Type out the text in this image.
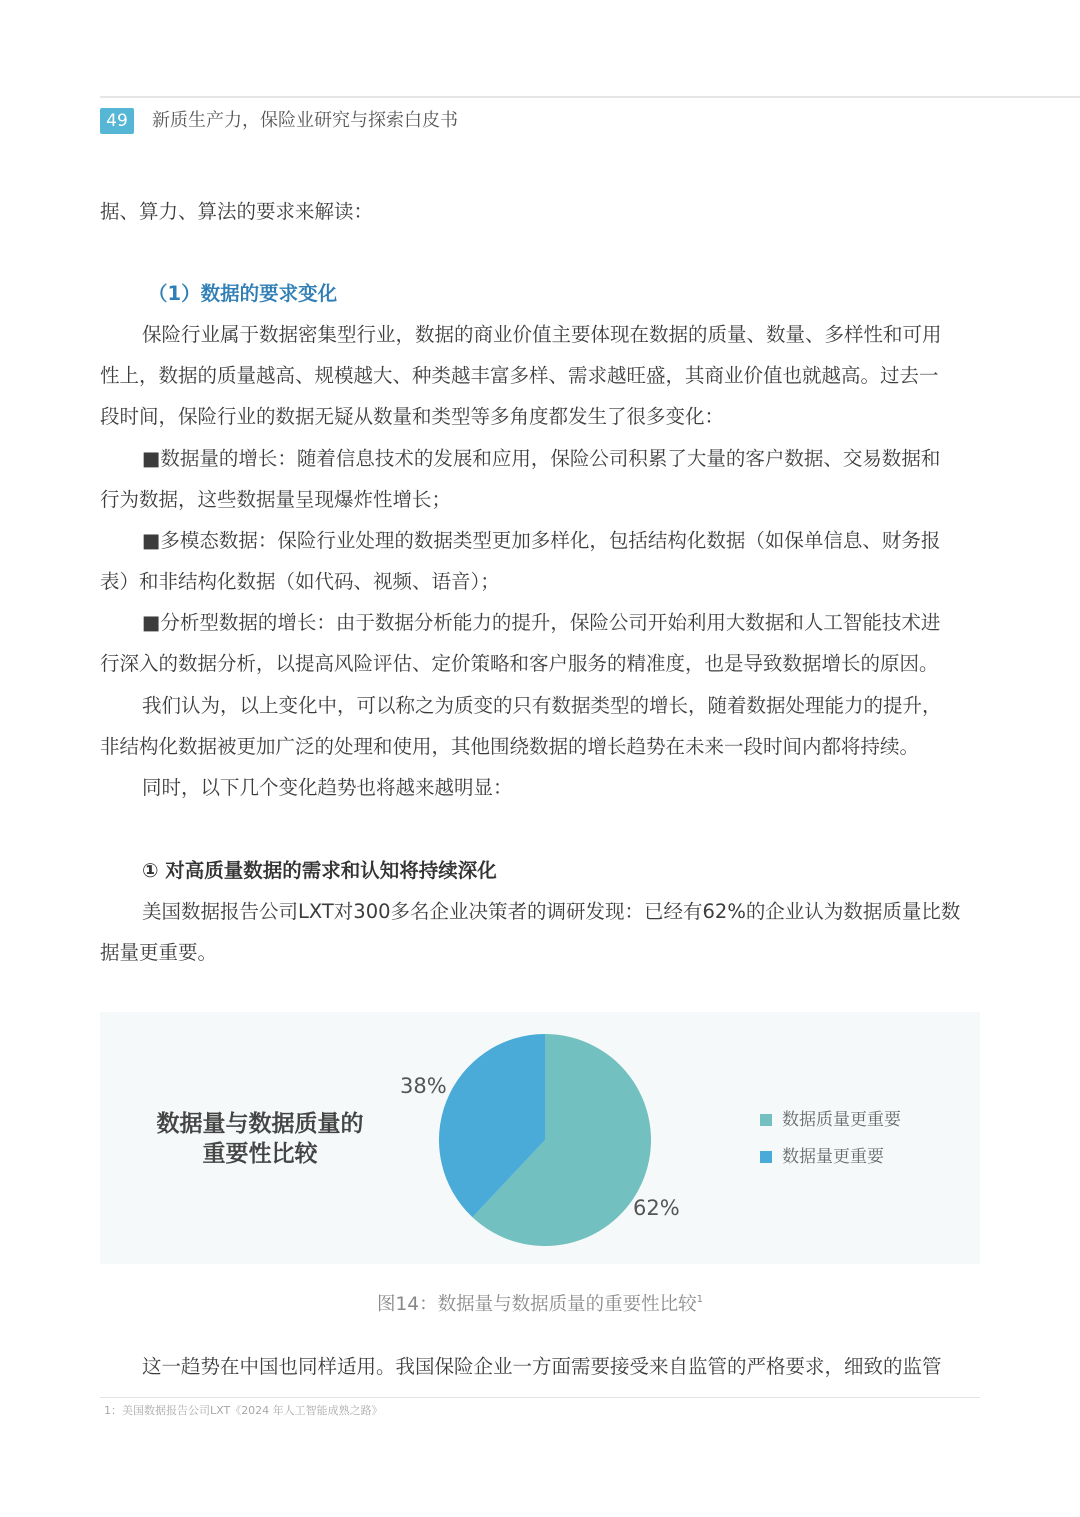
49	新质生产力，保险业研究与探索白皮书
据、算力、算法的要求来解读：
（1）数据的要求变化
保险行业属于数据密集型行业，数据的商业价值主要体现在数据的质量、数量、多样性和可用
性上，数据的质量越高、规模越大、种类越丰富多样、需求越旺盛，其商业价值也就越高。过去一
段时间，保险行业的数据无疑从数量和类型等多角度都发生了很多变化：
■数据量的增长：随着信息技术的发展和应用，保险公司积累了大量的客户数据、交易数据和
行为数据，这些数据量呈现爆炸性增长；
■多模态数据：保险行业处理的数据类型更加多样化，包括结构化数据（如保单信息、财务报
表）和非结构化数据（如代码、视频、语音）；
■分析型数据的增长：由于数据分析能力的提升，保险公司开始利用大数据和人工智能技术进
行深入的数据分析，以提高风险评估、定价策略和客户服务的精准度，也是导致数据增长的原因。
我们认为，以上变化中，可以称之为质变的只有数据类型的增长，随着数据处理能力的提升，
非结构化数据被更加广泛的处理和使用，其他围绕数据的增长趋势在未来一段时间内都将持续。
同时，以下几个变化趋势也将越来越明显：
① 对高质量数据的需求和认知将持续深化
美国数据报告公司LXT对300多名企业决策者的调研发现：已经有62%的企业认为数据质量比数
据量更重要。
数据量与数据质量的
重要性比较
38%
62%
数据质量更重要
数据量更重要
图14：数据量与数据质量的重要性比较$^1$
这一趋势在中国也同样适用。我国保险企业一方面需要接受来自监管的严格要求，细致的监管
1：美国数据报告公司LXT《2024 年人工智能成熟之路》
